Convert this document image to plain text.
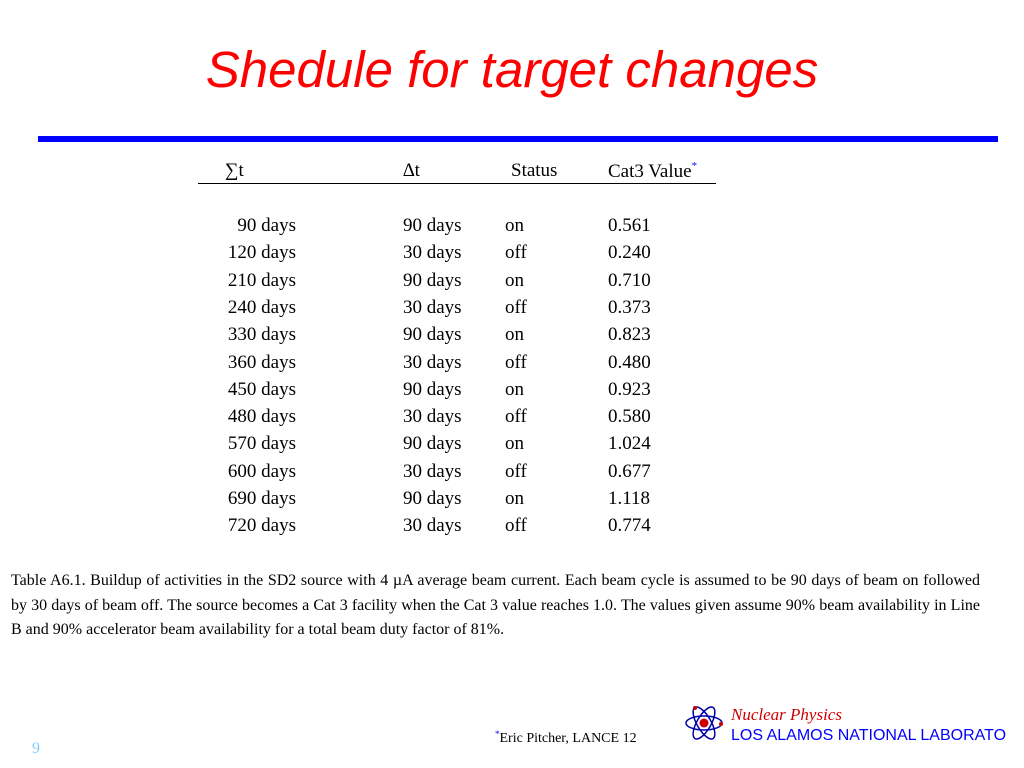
Shedule for target changes
∑t	∆t	Status	Cat3 Value*
90 days	90 days on	0.561
120 days	30 days off	0.240
210 days	90 days on	0.710
240 days	30 days off	0.373
330 days	90 days on	0.823
360 days	30 days off	0.480
450 days	90 days on	0.923
480 days	30 days off	0.580
570 days	90 days on	1.024
600 days	30 days off	0.677
690 days	90 days on	1.118
720 days	30 days off	0.774
Table A6.1. Buildup of activities in the SD2 source with 4 µA average beam current. Each beam cycle is assumed to be 90 days of beam on followed by 30 days of beam off. The source becomes a Cat 3 facility when the Cat 3 value reaches 1.0. The values given assume 90% beam availability in Line B and 90% accelerator beam availability for a total beam duty factor of 81%.
9
*Eric Pitcher, LANCE 12
Nuclear Physics
LOS ALAMOS NATIONAL LABORATO
